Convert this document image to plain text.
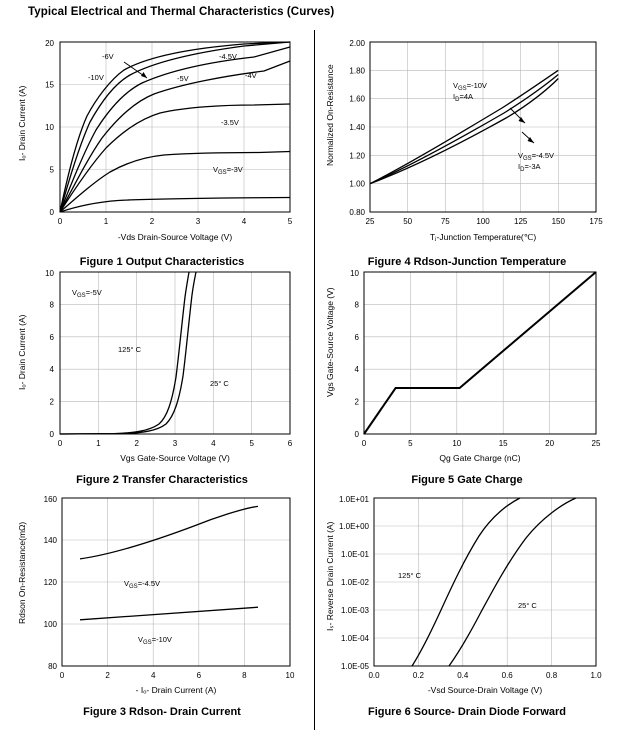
Typical Electrical and Thermal Characteristics (Curves)
Iₒ- Drain Current (A)
0
5
10
15
20
0	1	2	3	4	5
-6V	-4.5V
-10V	-5V	-4V
-3.5V
$V_{GS}=-3V$
-Vds Drain-Source Voltage (V)
Figure 1 Output Characteristics
Normalized On-Resistance
0.80
1.00
1.20
1.40
1.60
1.80
2.00
25	50	75	100	125	150	175
$V_{GS}=-10V$
$I_D=4A$
$V_{GS}=-4.5V$
$I_D=-3A$
Tⱼ-Junction Temperature(℃)
Figure 4 Rdson-Junction Temperature
Iₒ- Drain Current (A)
0
2
4
6
8
10
0	1	2	3	4	5	6
$V_{GS}=-5V$
125° C
25° C
Vgs Gate-Source Voltage (V)
Figure 2 Transfer Characteristics
Vgs Gate-Source Voltage (V)
0
2
4
6
8
10
0	5	10	15	20	25
Qg Gate Charge (nC)
Figure 5 Gate Charge
Rdson On-Resistance(mΩ)
80
100
120
140
160
0	2	4	6	8	10
$V_{GS}=-4.5V$
$V_{GS}=-10V$
- Iₒ- Drain Current (A)
Figure 3 Rdson- Drain Current
Iₛ- Reverse Drain Current (A)
1.0E-05
1.0E-04
1.0E-03
1.0E-02
1.0E-01
1.0E+00
1.0E+01
0.0	0.2	0.4	0.6	0.8	1.0
125° C
25° C
-Vsd Source-Drain Voltage (V)
Figure 6 Source- Drain Diode Forward
